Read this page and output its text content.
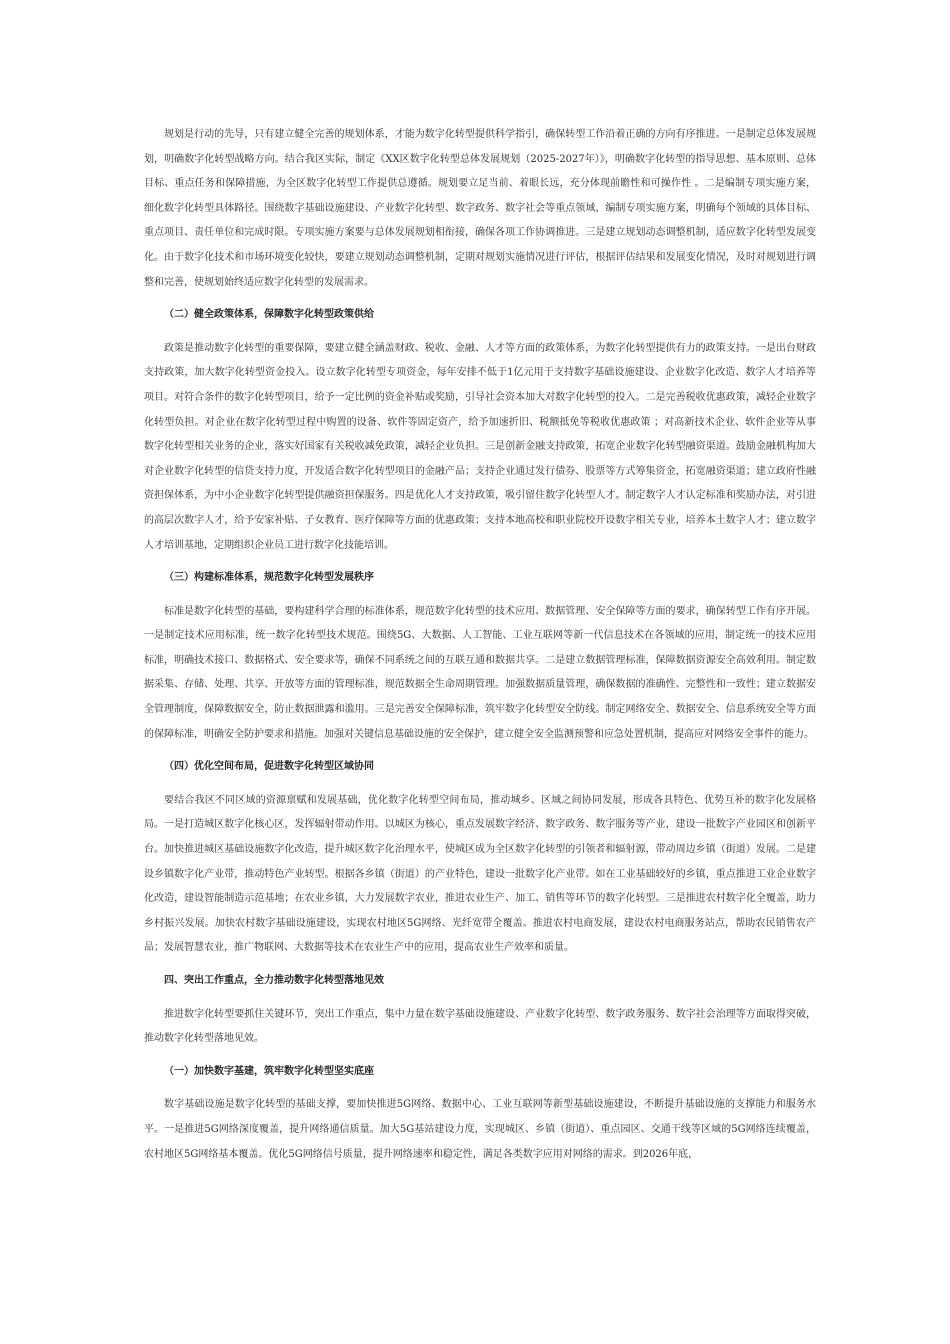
规划是行动的先导，只有建立健全完善的规划体系，才能为数字化转型提供科学指引，确保转型工作沿着正确的方向有序推进。一是制定总体发展规划，明确数字化转型战略方向。结合我区实际，制定《XX区数字化转型总体发展规划（2025-2027年）》，明确数字化转型的指导思想、基本原则、总体目标、重点任务和保障措施，为全区数字化转型工作提供总遵循。规划要立足当前、着眼长远，充分体现前瞻性和可操作性 。二是编制专项实施方案，细化数字化转型具体路径。围绕数字基础设施建设、产业数字化转型、数字政务、数字社会等重点领域，编制专项实施方案，明确每个领域的具体目标、重点项目、责任单位和完成时限。专项实施方案要与总体发展规划相衔接，确保各项工作协调推进。三是建立规划动态调整机制，适应数字化转型发展变化。由于数字化技术和市场环境变化较快，要建立规划动态调整机制，定期对规划实施情况进行评估，根据评估结果和发展变化情况，及时对规划进行调整和完善，使规划始终适应数字化转型的发展需求。

（二）健全政策体系，保障数字化转型政策供给

政策是推动数字化转型的重要保障，要建立健全涵盖财政、税收、金融、人才等方面的政策体系，为数字化转型提供有力的政策支持。一是出台财政支持政策，加大数字化转型资金投入。设立数字化转型专项资金，每年安排不低于1亿元用于支持数字基础设施建设、企业数字化改造、数字人才培养等项目。对符合条件的数字化转型项目，给予一定比例的资金补贴或奖励，引导社会资本加大对数字化转型的投入。二是完善税收优惠政策，减轻企业数字化转型负担。对企业在数字化转型过程中购置的设备、软件等固定资产，给予加速折旧、税额抵免等税收优惠政策 ；对高新技术企业、软件企业等从事数字化转型相关业务的企业，落实好国家有关税收减免政策，减轻企业负担。三是创新金融支持政策，拓宽企业数字化转型融资渠道。鼓励金融机构加大对企业数字化转型的信贷支持力度，开发适合数字化转型项目的金融产品；支持企业通过发行债券、股票等方式筹集资金，拓宽融资渠道；建立政府性融资担保体系，为中小企业数字化转型提供融资担保服务。四是优化人才支持政策，吸引留住数字化转型人才。制定数字人才认定标准和奖励办法，对引进的高层次数字人才，给予安家补贴、子女教育、医疗保障等方面的优惠政策；支持本地高校和职业院校开设数字相关专业，培养本土数字人才；建立数字人才培训基地，定期组织企业员工进行数字化技能培训。

（三）构建标准体系，规范数字化转型发展秩序

标准是数字化转型的基础，要构建科学合理的标准体系，规范数字化转型的技术应用、数据管理、安全保障等方面的要求，确保转型工作有序开展。一是制定技术应用标准，统一数字化转型技术规范。围绕5G、大数据、人工智能、工业互联网等新一代信息技术在各领域的应用，制定统一的技术应用标准，明确技术接口、数据格式、安全要求等，确保不同系统之间的互联互通和数据共享。二是建立数据管理标准，保障数据资源安全高效利用。制定数据采集、存储、处理、共享、开放等方面的管理标准，规范数据全生命周期管理。加强数据质量管理，确保数据的准确性、完整性和一致性；建立数据安全管理制度，保障数据安全，防止数据泄露和滥用。三是完善安全保障标准，筑牢数字化转型安全防线。制定网络安全、数据安全、信息系统安全等方面的保障标准，明确安全防护要求和措施。加强对关键信息基础设施的安全保护，建立健全安全监测预警和应急处置机制，提高应对网络安全事件的能力。

（四）优化空间布局，促进数字化转型区域协同

要结合我区不同区域的资源禀赋和发展基础，优化数字化转型空间布局，推动城乡、区域之间协同发展，形成各具特色、优势互补的数字化发展格局。一是打造城区数字化核心区，发挥辐射带动作用。以城区为核心，重点发展数字经济、数字政务、数字服务等产业，建设一批数字产业园区和创新平台。加快推进城区基础设施数字化改造，提升城区数字化治理水平，使城区成为全区数字化转型的引领者和辐射源，带动周边乡镇（街道）发展。二是建设乡镇数字化产业带，推动特色产业转型。根据各乡镇（街道）的产业特色，建设一批数字化产业带。如在工业基础较好的乡镇，重点推进工业企业数字化改造，建设智能制造示范基地；在农业乡镇，大力发展数字农业，推进农业生产、加工、销售等环节的数字化转型。三是推进农村数字化全覆盖，助力乡村振兴发展。加快农村数字基础设施建设，实现农村地区5G网络、光纤宽带全覆盖。推进农村电商发展，建设农村电商服务站点，帮助农民销售农产品；发展智慧农业，推广物联网、大数据等技术在农业生产中的应用，提高农业生产效率和质量。

四、突出工作重点，全力推动数字化转型落地见效

推进数字化转型要抓住关键环节，突出工作重点，集中力量在数字基础设施建设、产业数字化转型、数字政务服务、数字社会治理等方面取得突破，推动数字化转型落地见效。

（一）加快数字基建，筑牢数字化转型坚实底座

数字基础设施是数字化转型的基础支撑，要加快推进5G网络、数据中心、工业互联网等新型基础设施建设，不断提升基础设施的支撑能力和服务水平。一是推进5G网络深度覆盖，提升网络通信质量。加大5G基站建设力度，实现城区、乡镇（街道）、重点园区、交通干线等区域的5G网络连续覆盖，农村地区5G网络基本覆盖。优化5G网络信号质量，提升网络速率和稳定性，满足各类数字应用对网络的需求。到2026年底，
